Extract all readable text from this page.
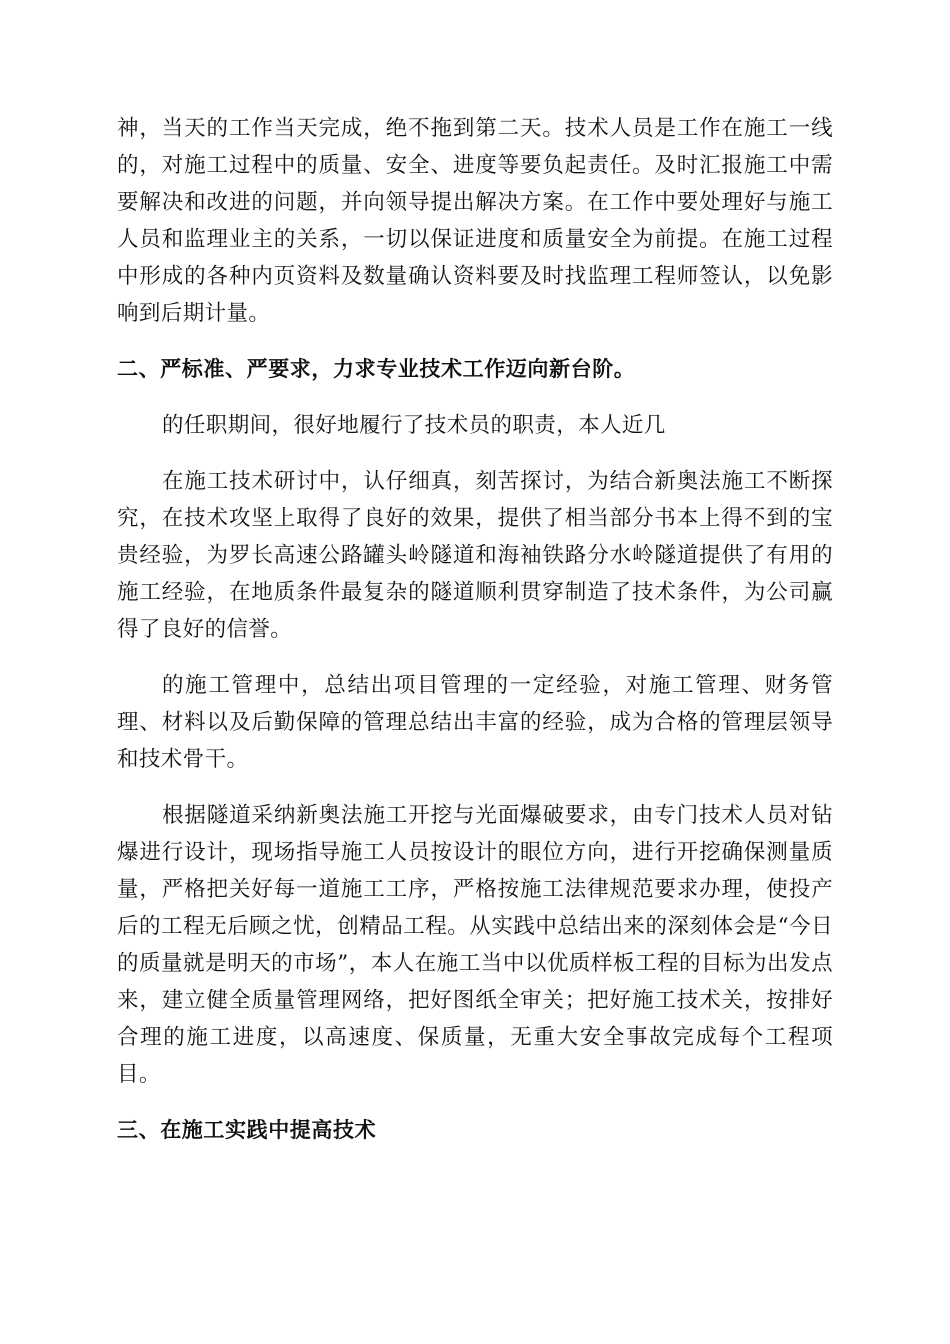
神，当天的工作当天完成，绝不拖到第二天。技术人员是工作在施工一线的，对施工过程中的质量、安全、进度等要负起责任。及时汇报施工中需要解决和改进的问题，并向领导提出解决方案。在工作中要处理好与施工人员和监理业主的关系，一切以保证进度和质量安全为前提。在施工过程中形成的各种内页资料及数量确认资料要及时找监理工程师签认，以免影响到后期计量。

二、严标准、严要求，力求专业技术工作迈向新台阶。

的任职期间，很好地履行了技术员的职责，本人近几

在施工技术研讨中，认仔细真，刻苦探讨，为结合新奥法施工不断探究，在技术攻坚上取得了良好的效果，提供了相当部分书本上得不到的宝贵经验，为罗长高速公路罐头岭隧道和海袖铁路分水岭隧道提供了有用的施工经验，在地质条件最复杂的隧道顺利贯穿制造了技术条件，为公司赢得了良好的信誉。

的施工管理中，总结出项目管理的一定经验，对施工管理、财务管理、材料以及后勤保障的管理总结出丰富的经验，成为合格的管理层领导和技术骨干。

根据隧道采纳新奥法施工开挖与光面爆破要求，由专门技术人员对钻爆进行设计，现场指导施工人员按设计的眼位方向，进行开挖确保测量质量，严格把关好每一道施工工序，严格按施工法律规范要求办理，使投产后的工程无后顾之忧，创精品工程。从实践中总结出来的深刻体会是“今日的质量就是明天的市场”，本人在施工当中以优质样板工程的目标为出发点来，建立健全质量管理网络，把好图纸全审关；把好施工技术关，按排好合理的施工进度，以高速度、保质量，无重大安全事故完成每个工程项目。

三、在施工实践中提高技术
